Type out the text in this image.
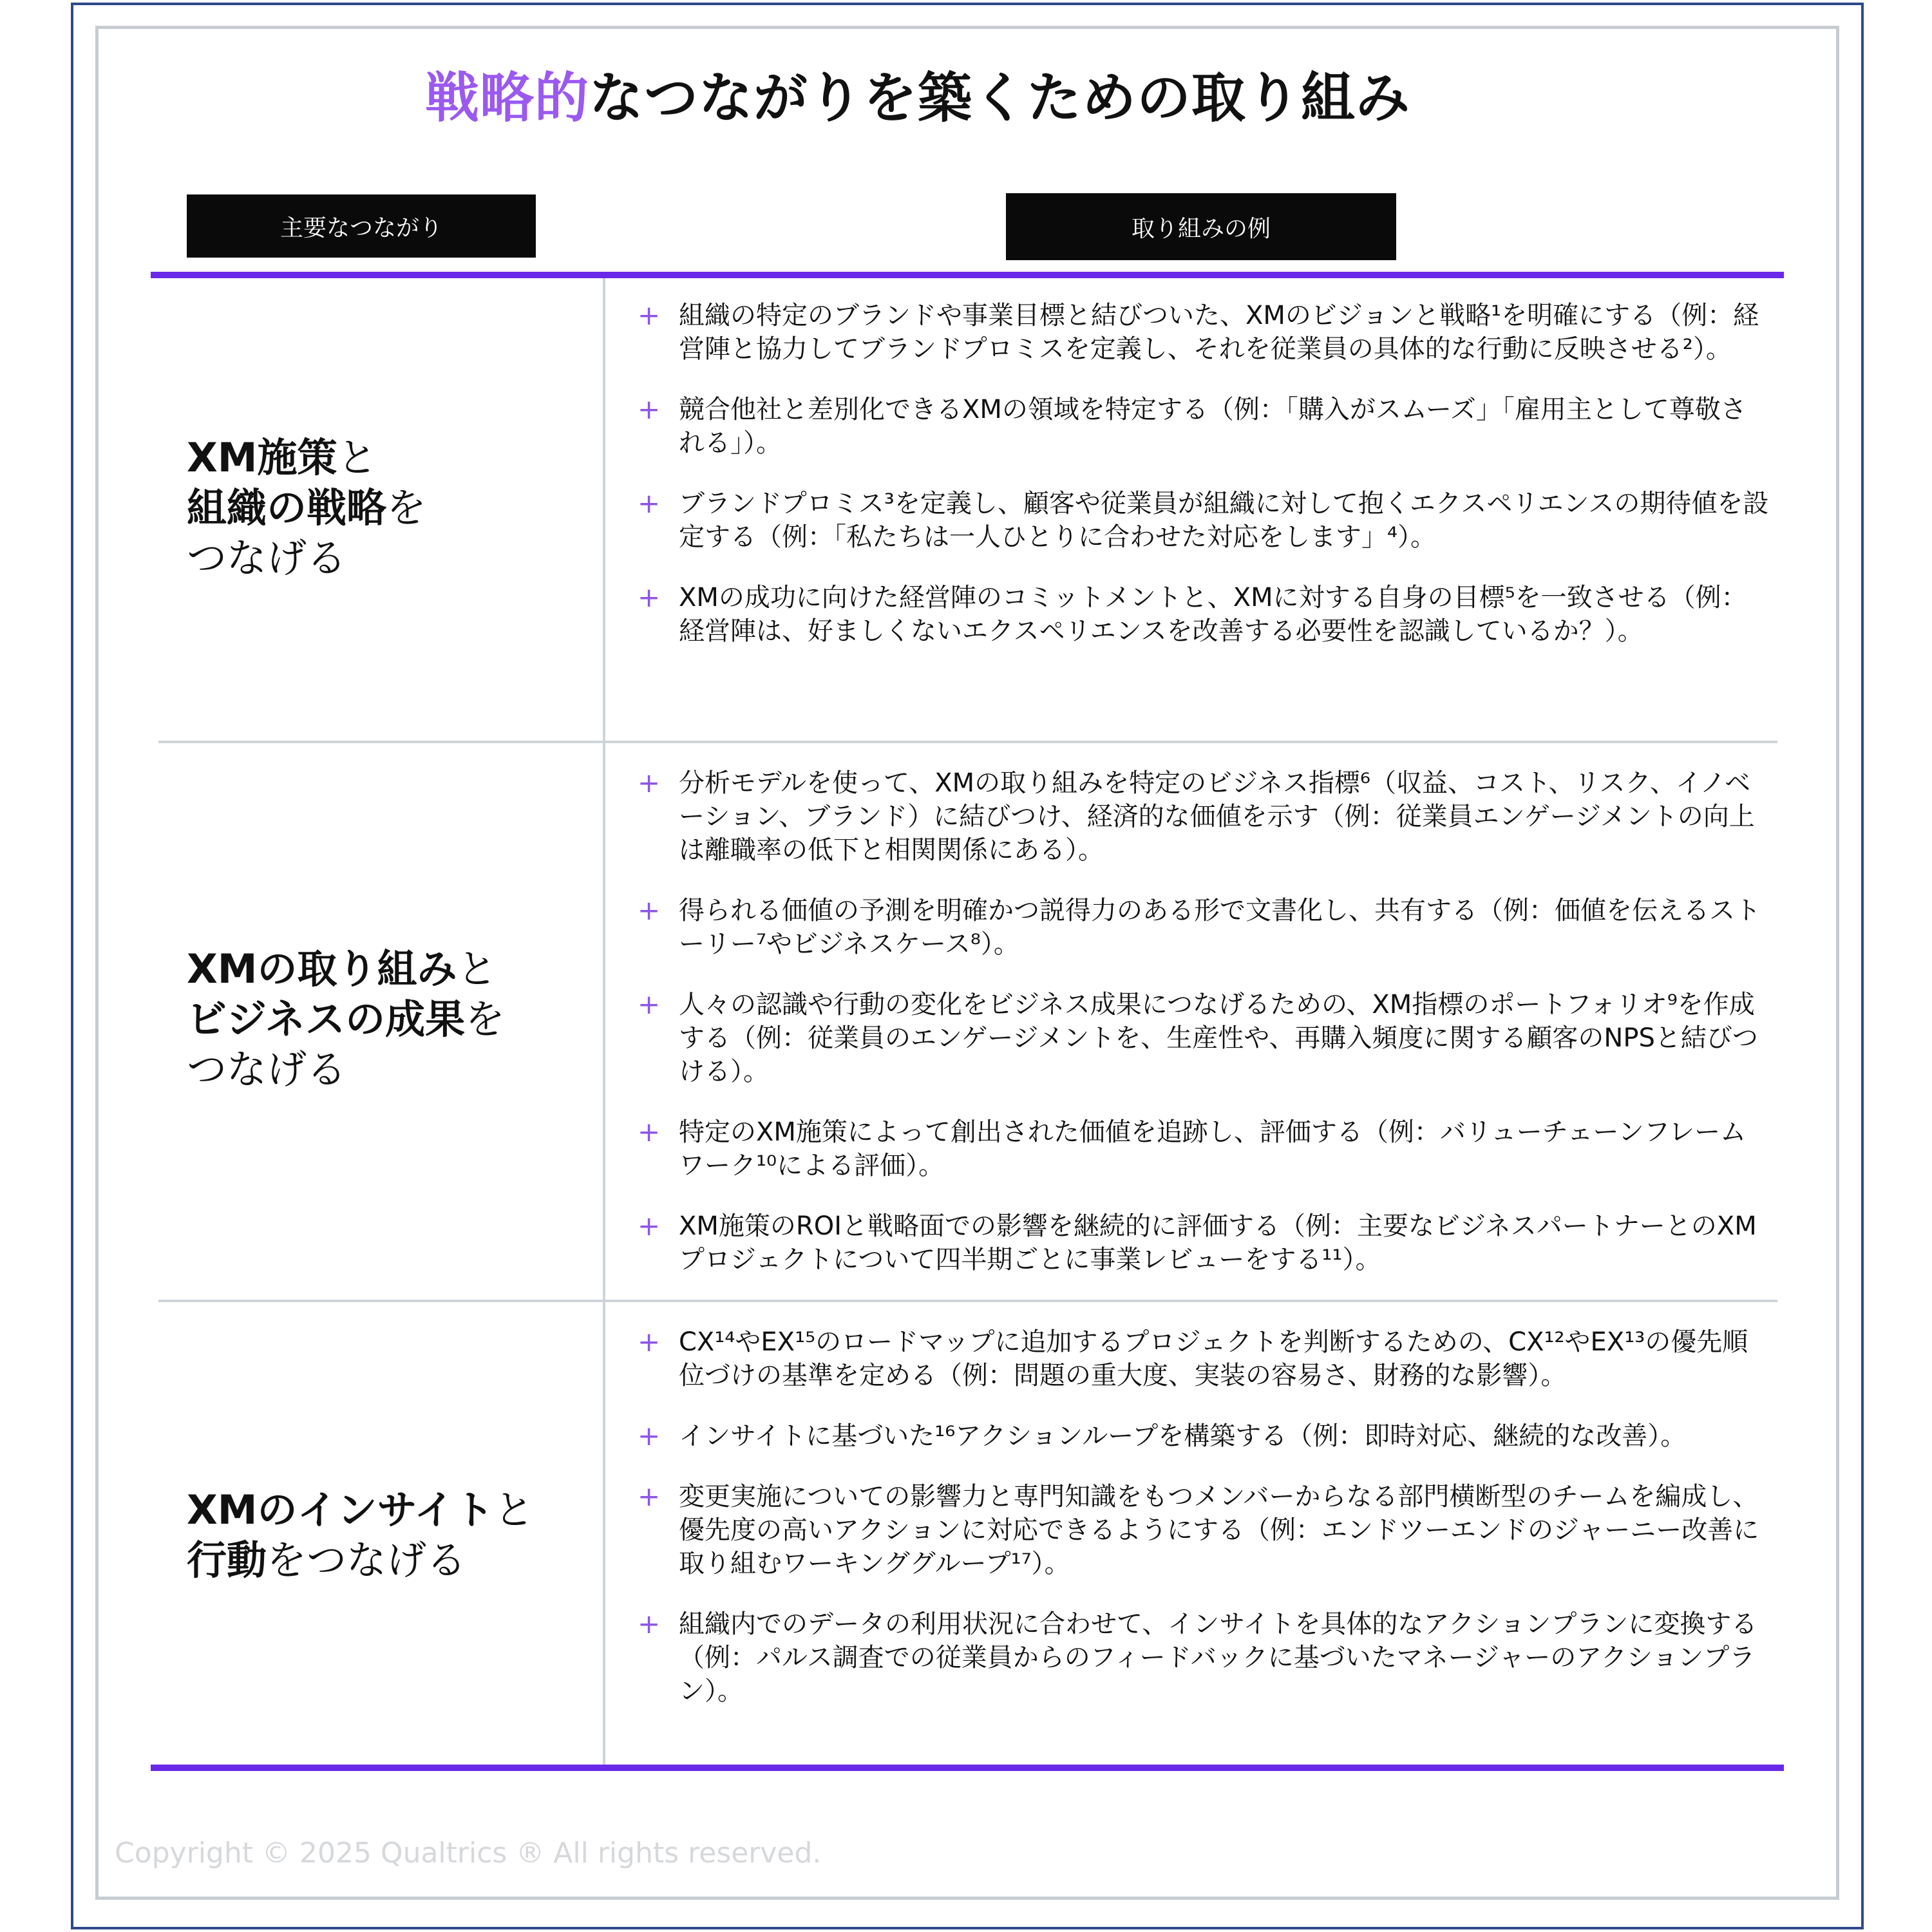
戦略的なつながりを築くための取り組み
主要なつながり	取り組みの例
XM施策と
組織の戦略を
つなげる
+ 組織の特定のブランドや事業目標と結びついた、XMのビジョンと戦略¹を明確にする（例：経営陣と協力してブランドプロミスを定義し、それを従業員の具体的な行動に反映させる²）。
+ 競合他社と差別化できるXMの領域を特定する（例：「購入がスムーズ」「雇用主として尊敬される」）。
+ ブランドプロミス³を定義し、顧客や従業員が組織に対して抱くエクスペリエンスの期待値を設定する（例：「私たちは一人ひとりに合わせた対応をします」⁴）。
+ XMの成功に向けた経営陣のコミットメントと、XMに対する自身の目標⁵を一致させる（例：経営陣は、好ましくないエクスペリエンスを改善する必要性を認識しているか？）。
XMの取り組みと
ビジネスの成果を
つなげる
+ 分析モデルを使って、XMの取り組みを特定のビジネス指標⁶（収益、コスト、リスク、イノベーション、ブランド）に結びつけ、経済的な価値を示す（例：従業員エンゲージメントの向上は離職率の低下と相関関係にある）。
+ 得られる価値の予測を明確かつ説得力のある形で文書化し、共有する（例：価値を伝えるストーリー⁷やビジネスケース⁸）。
+ 人々の認識や行動の変化をビジネス成果につなげるための、XM指標のポートフォリオ⁹を作成する（例：従業員のエンゲージメントを、生産性や、再購入頻度に関する顧客のNPSと結びつける）。
+ 特定のXM施策によって創出された価値を追跡し、評価する（例：バリューチェーンフレームワーク¹⁰による評価）。
+ XM施策のROIと戦略面での影響を継続的に評価する（例：主要なビジネスパートナーとのXMプロジェクトについて四半期ごとに事業レビューをする¹¹）。
XMのインサイトと
行動をつなげる
+ CX¹⁴やEX¹⁵のロードマップに追加するプロジェクトを判断するための、CX¹²やEX¹³の優先順位づけの基準を定める（例：問題の重大度、実装の容易さ、財務的な影響）。
+ インサイトに基づいた¹⁶アクションループを構築する（例：即時対応、継続的な改善）。
+ 変更実施についての影響力と専門知識をもつメンバーからなる部門横断型のチームを編成し、優先度の高いアクションに対応できるようにする（例：エンドツーエンドのジャーニー改善に取り組むワーキンググループ¹⁷）。
+ 組織内でのデータの利用状況に合わせて、インサイトを具体的なアクションプランに変換する（例：パルス調査での従業員からのフィードバックに基づいたマネージャーのアクションプラン）。
Copyright © 2025 Qualtrics ® All rights reserved.
